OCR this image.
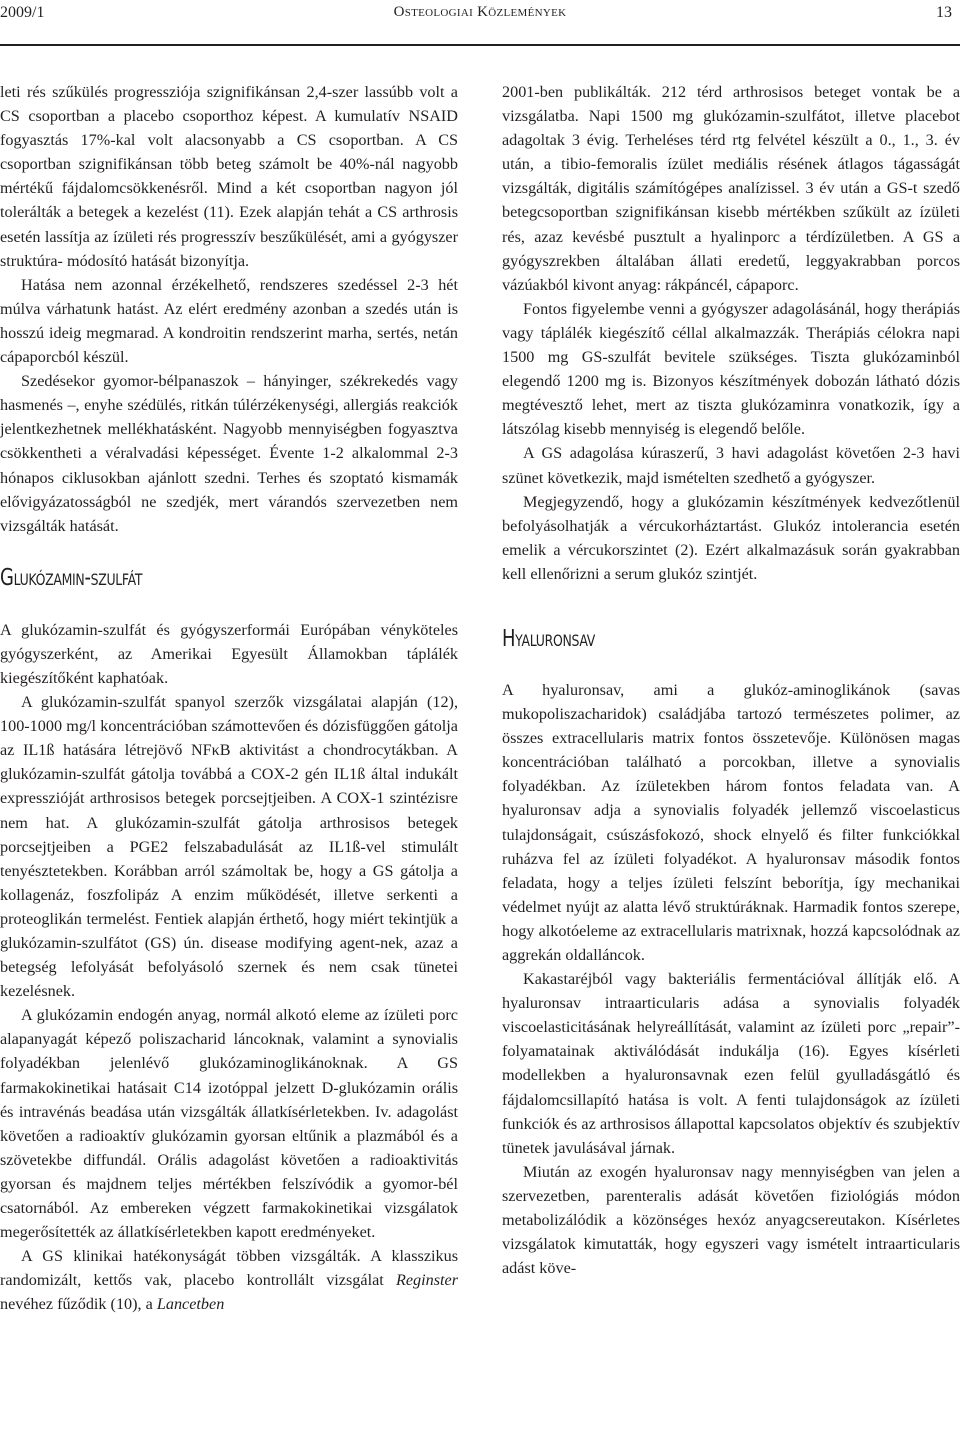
2009/1	Osteologiai Közlemények	13

leti rés szűkülés progressziója szignifikánsan 2,4-szer lassúbb volt a CS csoportban a placebo csoporthoz képest. A kumulatív NSAID fogyasztás 17%-kal volt alacsonyabb a CS csoportban. A CS csoportban szignifikánsan több beteg számolt be 40%-nál nagyobb mértékű fájdalomcsökkenésről. Mind a két csoportban nagyon jól tolerálták a betegek a kezelést (11). Ezek alapján tehát a CS arthrosis esetén lassítja az ízületi rés progresszív beszűkülését, ami a gyógyszer struktúra- módosító hatását bizonyítja.

Hatása nem azonnal érzékelhető, rendszeres szedéssel 2-3 hét múlva várhatunk hatást. Az elért eredmény azonban a szedés után is hosszú ideig megmarad. A kondroitin rendszerint marha, sertés, netán cápaporcból készül.

Szedésekor gyomor-bélpanaszok – hányinger, székrekedés vagy hasmenés –, enyhe szédülés, ritkán túlérzékenységi, allergiás reakciók jelentkezhetnek mellékhatásként. Nagyobb mennyiségben fogyasztva csökkentheti a véralvadási képességet. Évente 1-2 alkalommal 2-3 hónapos ciklusokban ajánlott szedni. Terhes és szoptató kismamák elővigyázatosságból ne szedjék, mert várandós szervezetben nem vizsgálták hatását.

Glukózamin-szulfát

A glukózamin-szulfát és gyógyszerformái Európában vényköteles gyógyszerként, az Amerikai Egyesült Államokban táplálék kiegészítőként kaphatóak.

A glukózamin-szulfát spanyol szerzők vizsgálatai alapján (12), 100-1000 mg/l koncentrációban számottevően és dózisfüggően gátolja az IL1ß hatására létrejövő NFκB aktivitást a chondrocytákban. A glukózamin-szulfát gátolja továbbá a COX-2 gén IL1ß által indukált expresszióját arthrosisos betegek porcsejtjeiben. A COX-1 szintézisre nem hat. A glukózamin-szulfát gátolja arthrosisos betegek porcsejtjeiben a PGE2 felszabadulását az IL1ß-vel stimulált tenyésztetekben. Korábban arról számoltak be, hogy a GS gátolja a kollagenáz, foszfolipáz A enzim működését, illetve serkenti a proteoglikán termelést. Fentiek alapján érthető, hogy miért tekintjük a glukózamin-szulfátot (GS) ún. disease modifying agent-nek, azaz a betegség lefolyását befolyásoló szernek és nem csak tünetei kezelésnek.

A glukózamin endogén anyag, normál alkotó eleme az ízületi porc alapanyagát képező poliszacharid láncoknak, valamint a synovialis folyadékban jelenlévő glukózaminoglikánoknak. A GS farmakokinetikai hatásait C14 izotóppal jelzett D-glukózamin orális és intravénás beadása után vizsgálták állatkísérletekben. Iv. adagolást követően a radioaktív glukózamin gyorsan eltűnik a plazmából és a szövetekbe diffundál. Orális adagolást követően a radioaktivitás gyorsan és majdnem teljes mértékben felszívódik a gyomor-bél csatornából. Az embereken végzett farmakokinetikai vizsgálatok megerősítették az állatkísérletekben kapott eredményeket.

A GS klinikai hatékonyságát többen vizsgálták. A klasszikus randomizált, kettős vak, placebo kontrollált vizsgálat Reginster nevéhez fűződik (10), a Lancetben

2001-ben publikálták. 212 térd arthrosisos beteget vontak be a vizsgálatba. Napi 1500 mg glukózamin-szulfátot, illetve placebot adagoltak 3 évig. Terheléses térd rtg felvétel készült a 0., 1., 3. év után, a tibio-femoralis ízület mediális résének átlagos tágasságát vizsgálták, digitális számítógépes analízissel. 3 év után a GS-t szedő betegcsoportban szignifikánsan kisebb mértékben szűkült az ízületi rés, azaz kevésbé pusztult a hyalinporc a térdízületben. A GS a gyógyszrekben általában állati eredetű, leggyakrabban porcos vázúakból kivont anyag: rákpáncél, cápaporc.

Fontos figyelembe venni a gyógyszer adagolásánál, hogy therápiás vagy táplálék kiegészítő céllal alkalmazzák. Therápiás célokra napi 1500 mg GS-szulfát bevitele szükséges. Tiszta glukózaminból elegendő 1200 mg is. Bizonyos készítmények dobozán látható dózis megtévesztő lehet, mert az tiszta glukózaminra vonatkozik, így a látszólag kisebb mennyiség is elegendő belőle.

A GS adagolása kúraszerű, 3 havi adagolást követően 2-3 havi szünet következik, majd ismételten szedhető a gyógyszer.

Megjegyzendő, hogy a glukózamin készítmények kedvezőtlenül befolyásolhatják a vércukorháztartást. Glukóz intolerancia esetén emelik a vércukorszintet (2). Ezért alkalmazásuk során gyakrabban kell ellenőrizni a serum glukóz szintjét.

Hyaluronsav

A hyaluronsav, ami a glukóz-aminoglikánok (savas mukopoliszacharidok) családjába tartozó természetes polimer, az összes extracellularis matrix fontos összetevője. Különösen magas koncentrációban található a porcokban, illetve a synovialis folyadékban. Az ízületekben három fontos feladata van. A hyaluronsav adja a synovialis folyadék jellemző viscoelasticus tulajdonságait, csúszásfokozó, shock elnyelő és filter funkciókkal ruházva fel az ízületi folyadékot. A hyaluronsav második fontos feladata, hogy a teljes ízületi felszínt beborítja, így mechanikai védelmet nyújt az alatta lévő struktúráknak. Harmadik fontos szerepe, hogy alkotóeleme az extracellularis matrixnak, hozzá kapcsolódnak az aggrekán oldalláncok.

Kakastaréjból vagy bakteriális fermentációval állítják elő. A hyaluronsav intraarticularis adása a synovialis folyadék viscoelasticitásának helyreállítását, valamint az ízületi porc „repair”-folyamatainak aktiválódását indukálja (16). Egyes kísérleti modellekben a hyaluronsavnak ezen felül gyulladásgátló és fájdalomcsillapító hatása is volt. A fenti tulajdonságok az ízületi funkciók és az arthrosisos állapottal kapcsolatos objektív és szubjektív tünetek javulásával járnak.

Miután az exogén hyaluronsav nagy mennyiségben van jelen a szervezetben, parenteralis adását követően fiziológiás módon metabolizálódik a közönséges hexóz anyagcsereutakon. Kísérletes vizsgálatok kimutatták, hogy egyszeri vagy ismételt intraarticularis adást köve-
